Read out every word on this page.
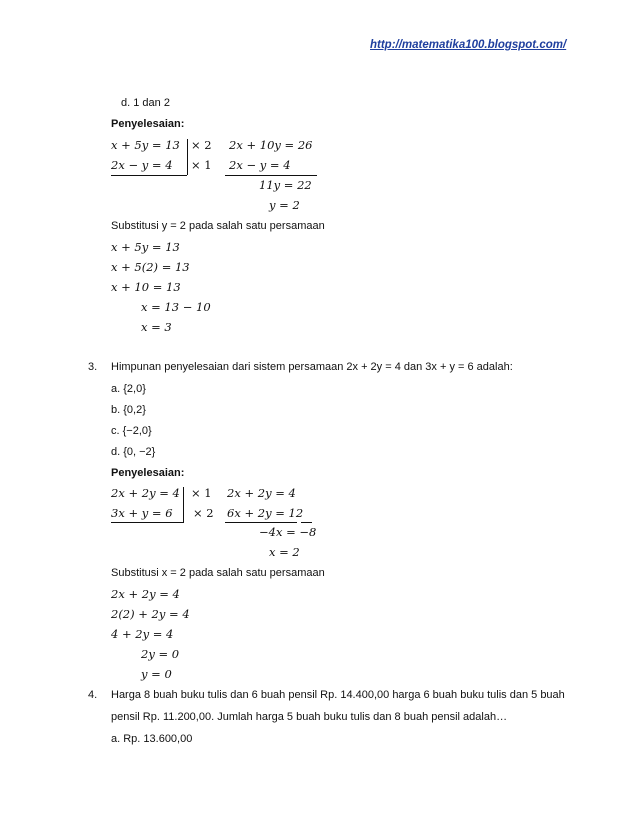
http://matematika100.blogspot.com/
d. 1 dan 2
Penyelesaian:
x + 5y = 13
2x − y = 4
× 2
× 1
2x + 10y = 26
2x − y = 4
11y = 22
y = 2
Substitusi y = 2 pada salah satu persamaan
x + 5y = 13
x + 5(2) = 13
x + 10 = 13
x = 13 − 10
x = 3
3. Himpunan penyelesaian dari sistem persamaan 2x + 2y = 4 dan 3x + y = 6 adalah:
a. {2,0}
b. {0,2}
c. {−2,0}
d. {0, −2}
Penyelesaian:
2x + 2y = 4
3x + y = 6
× 1
× 2
2x + 2y = 4
6x + 2y = 12
−4x = −8
x = 2
Substitusi x = 2 pada salah satu persamaan
2x + 2y = 4
2(2) + 2y = 4
4 + 2y = 4
2y = 0
y = 0
4. Harga 8 buah buku tulis dan 6 buah pensil Rp. 14.400,00 harga 6 buah buku tulis dan 5 buah
pensil Rp. 11.200,00. Jumlah harga 5 buah buku tulis dan 8 buah pensil adalah…
a. Rp. 13.600,00
